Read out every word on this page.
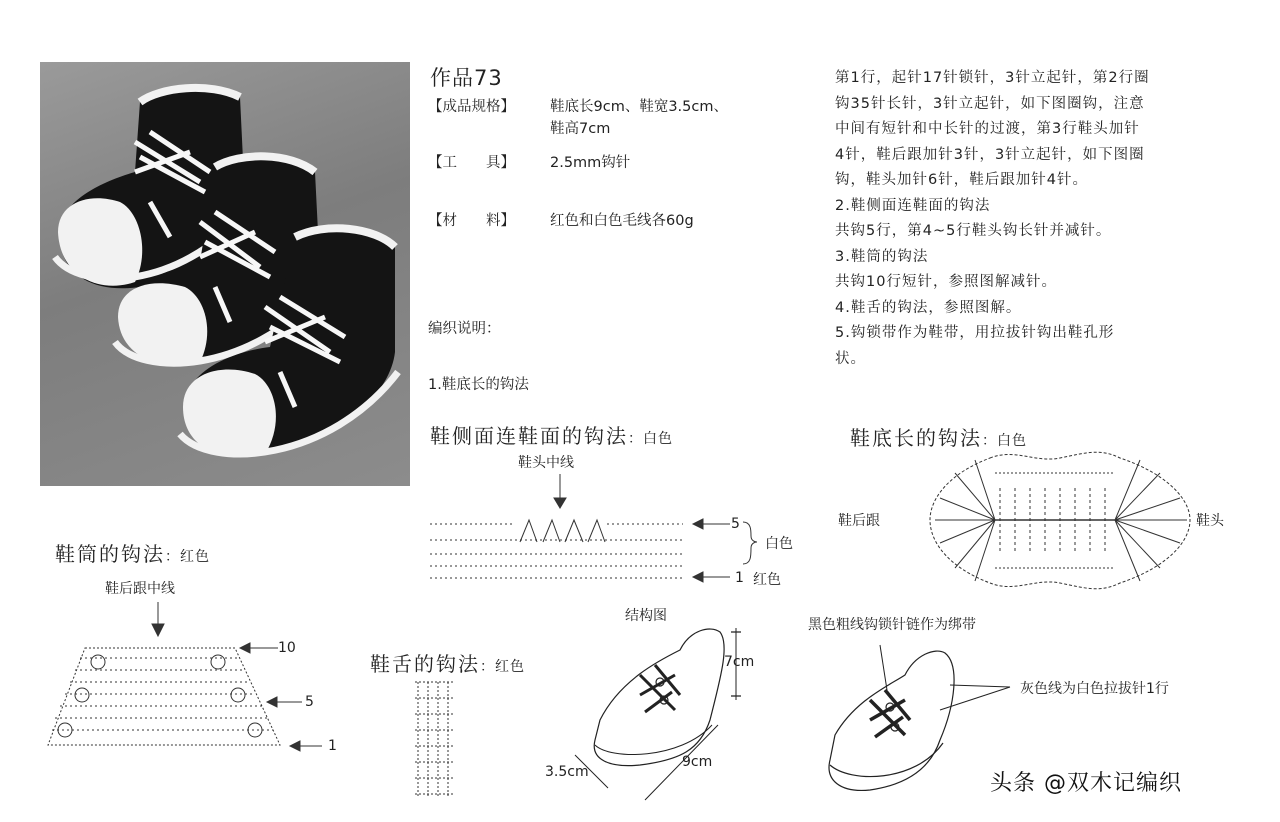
作品73
【成品规格】	鞋底长9cm、鞋宽3.5cm、
鞋高7cm
【工　　具】	2.5mm钩针
【材　　料】	红色和白色毛线各60g
编织说明：
1.鞋底长的钩法
第1行，起针17针锁针，3针立起针，第2行圈
钩35针长针，3针立起针，如下图圈钩，注意
中间有短针和中长针的过渡，第3行鞋头加针
4针，鞋后跟加针3针，3针立起针，如下图圈
钩，鞋头加针6针，鞋后跟加针4针。
2.鞋侧面连鞋面的钩法
共钩5行，第4~5行鞋头钩长针并减针。
3.鞋筒的钩法
共钩10行短针，参照图解减针。
4.鞋舌的钩法，参照图解。
5.钩锁带作为鞋带，用拉拔针钩出鞋孔形
状。
鞋侧面连鞋面的钩法：白色
鞋头中线
5
1
白色
红色
鞋底长的钩法：白色
鞋后跟	鞋头
鞋筒的钩法：红色
鞋后跟中线
10
5
1
鞋舌的钩法：红色
结构图
7cm
3.5cm
9cm
黑色粗线钩锁针链作为绑带
灰色线为白色拉拔针1行
头条 @双木记编织
